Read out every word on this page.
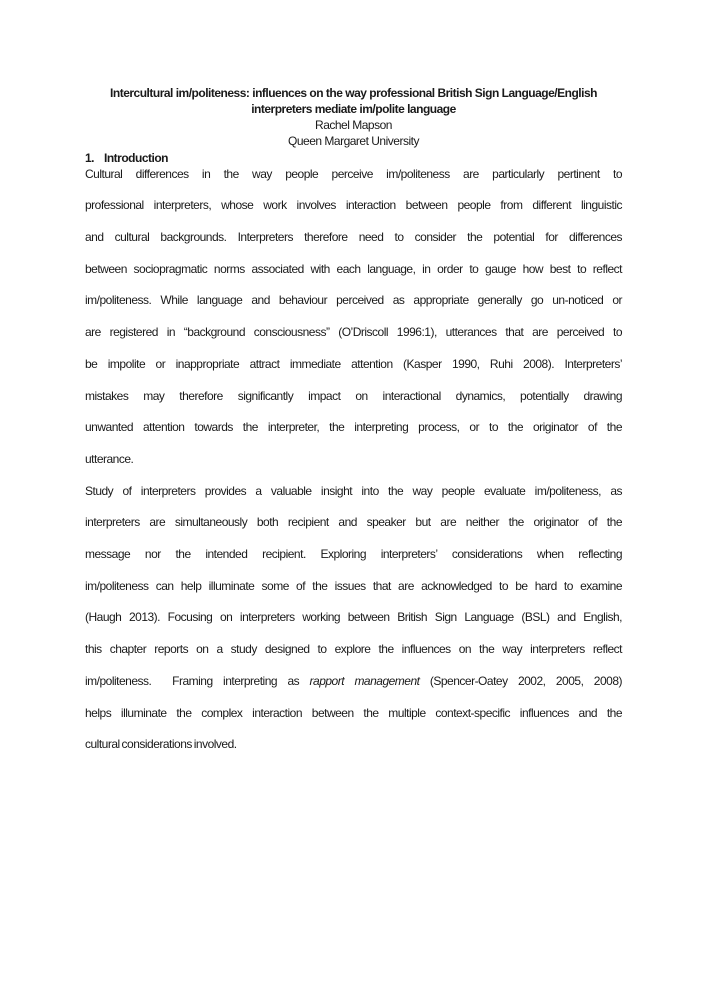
Intercultural im/politeness: influences on the way professional British Sign Language/English
interpreters mediate im/polite language
Rachel Mapson
Queen Margaret University
1. Introduction
Cultural differences in the way people perceive im/politeness are particularly pertinent to
professional interpreters, whose work involves interaction between people from different linguistic
and cultural backgrounds. Interpreters therefore need to consider the potential for differences
between sociopragmatic norms associated with each language, in order to gauge how best to reflect
im/politeness. While language and behaviour perceived as appropriate generally go un-noticed or
are registered in “background consciousness” (O’Driscoll 1996:1), utterances that are perceived to
be impolite or inappropriate attract immediate attention (Kasper 1990, Ruhi 2008). Interpreters’
mistakes may therefore significantly impact on interactional dynamics, potentially drawing
unwanted attention towards the interpreter, the interpreting process, or to the originator of the
utterance.
Study of interpreters provides a valuable insight into the way people evaluate im/politeness, as
interpreters are simultaneously both recipient and speaker but are neither the originator of the
message nor the intended recipient. Exploring interpreters’ considerations when reflecting
im/politeness can help illuminate some of the issues that are acknowledged to be hard to examine
(Haugh 2013). Focusing on interpreters working between British Sign Language (BSL) and English,
this chapter reports on a study designed to explore the influences on the way interpreters reflect
im/politeness.  Framing interpreting as rapport management (Spencer-Oatey 2002, 2005, 2008)
helps illuminate the complex interaction between the multiple context-specific influences and the
cultural considerations involved.
